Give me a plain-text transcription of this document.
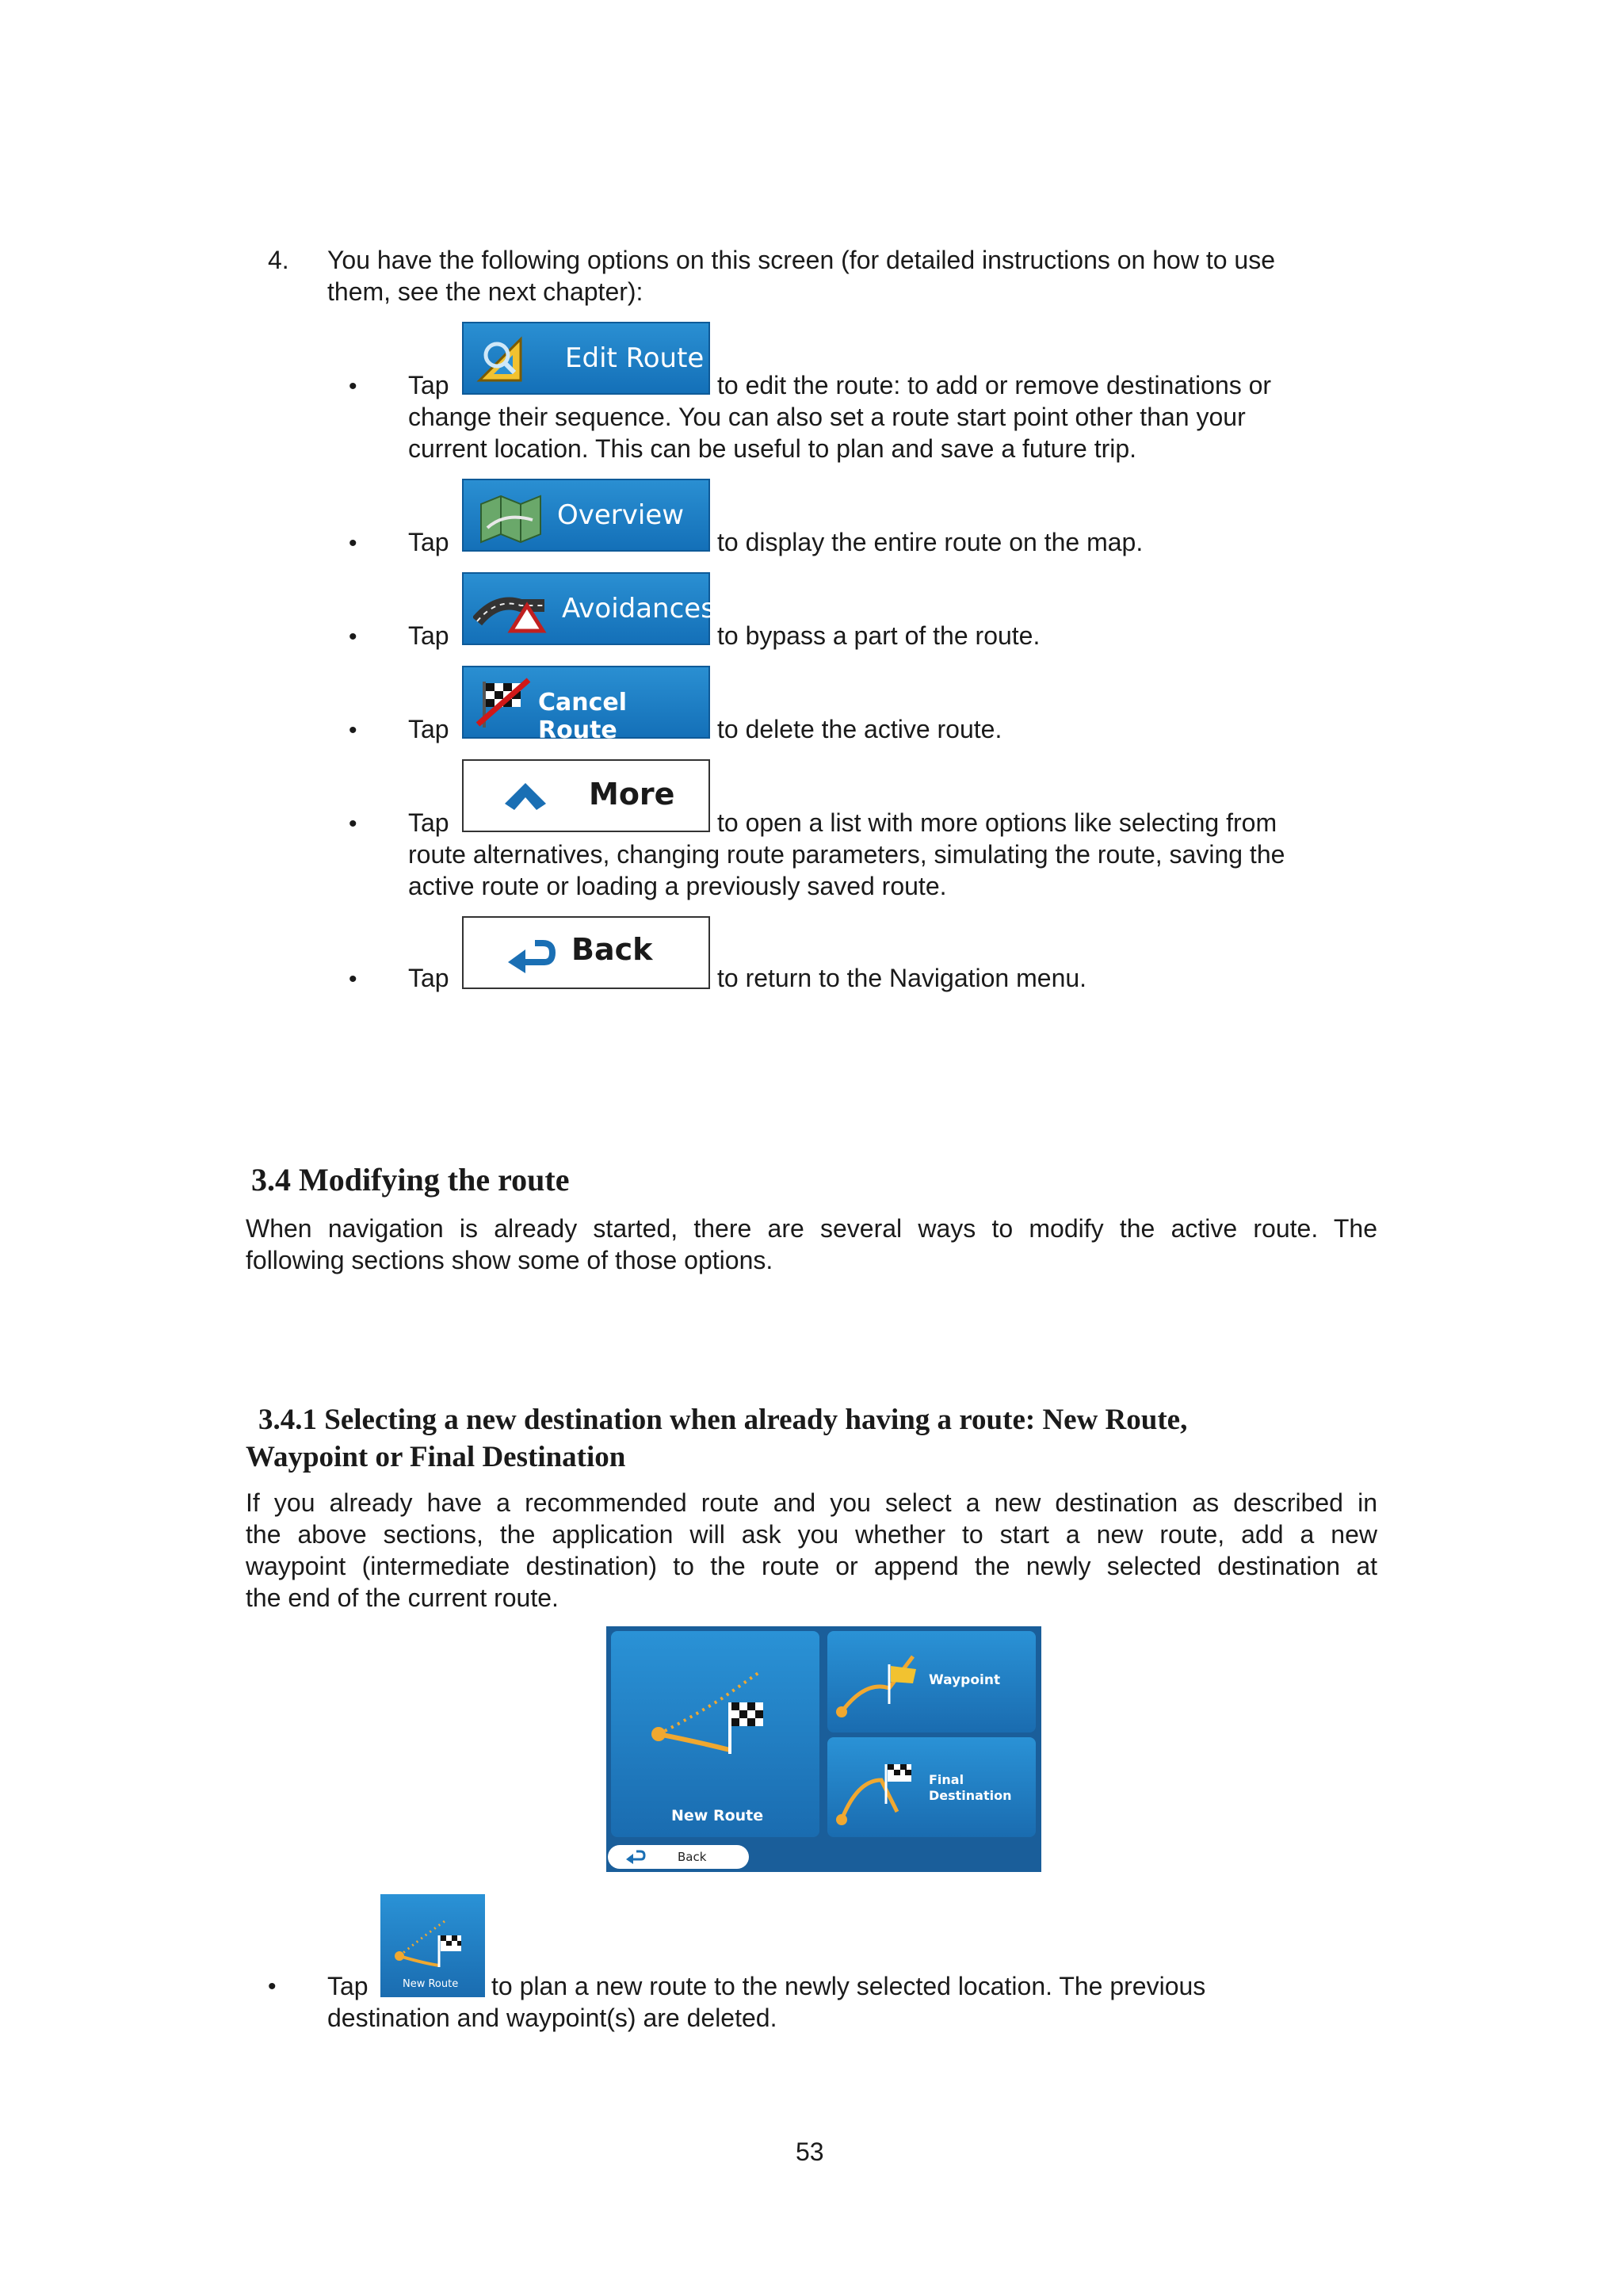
4. You have the following options on this screen (for detailed instructions on how to use
them, see the next chapter):
• Tap
Edit Route
to edit the route: to add or remove destinations or
change their sequence. You can also set a route start point other than your
current location. This can be useful to plan and save a future trip.
• Tap
Overview
to display the entire route on the map.
• Tap
Avoidances
to bypass a part of the route.
• Tap
Cancel Route	to delete the active route.
• Tap
More
to open a list with more options like selecting from
route alternatives, changing route parameters, simulating the route, saving the
active route or loading a previously saved route.
• Tap
Back
to return to the Navigation menu.
3.4 Modifying the route
When navigation is already started, there are several ways to modify the active route. The
following sections show some of those options.
3.4.1 Selecting a new destination when already having a route: New Route,
Waypoint or Final Destination
If you already have a recommended route and you select a new destination as described in
the above sections, the application will ask you whether to start a new route, add a new
waypoint (intermediate destination) to the route or append the newly selected destination at
the end of the current route.
New Route
Waypoint
Final
Destination
Back
• Tap	New Route to plan a new route to the newly selected location. The previous
destination and waypoint(s) are deleted.
53
